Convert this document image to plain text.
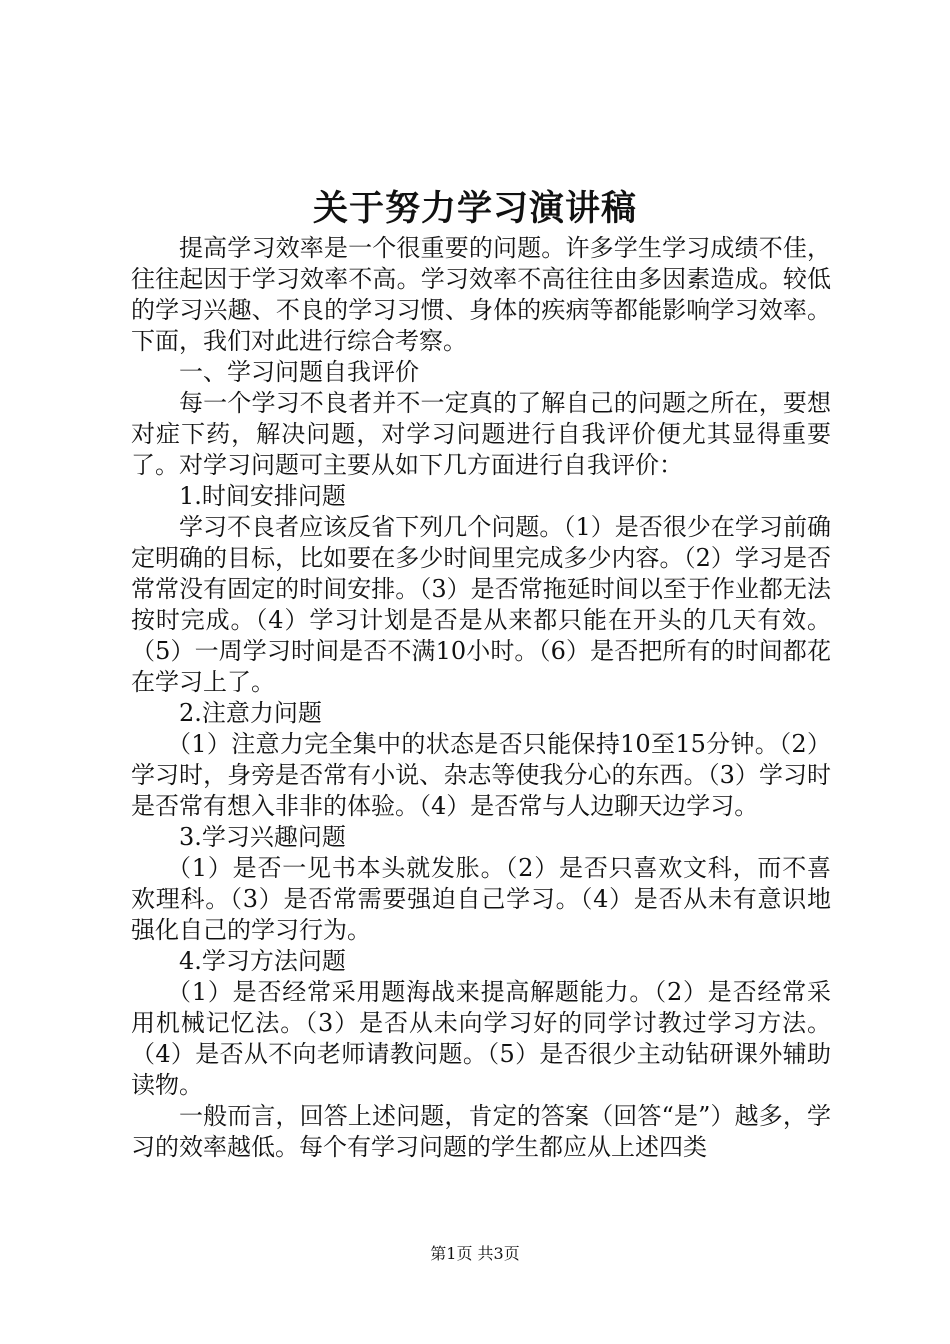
关于努力学习演讲稿

提高学习效率是一个很重要的问题。许多学生学习成绩不佳，往往起因于学习效率不高。学习效率不高往往由多因素造成。较低的学习兴趣、不良的学习习惯、身体的疾病等都能影响学习效率。下面，我们对此进行综合考察。

一、学习问题自我评价

每一个学习不良者并不一定真的了解自己的问题之所在，要想对症下药，解决问题，对学习问题进行自我评价便尤其显得重要了。对学习问题可主要从如下几方面进行自我评价：

1.时间安排问题

学习不良者应该反省下列几个问题。（1）是否很少在学习前确定明确的目标，比如要在多少时间里完成多少内容。（2）学习是否常常没有固定的时间安排。（3）是否常拖延时间以至于作业都无法按时完成。（4）学习计划是否是从来都只能在开头的几天有效。（5）一周学习时间是否不满10小时。（6）是否把所有的时间都花在学习上了。

2.注意力问题

（1）注意力完全集中的状态是否只能保持10至15分钟。（2）学习时，身旁是否常有小说、杂志等使我分心的东西。（3）学习时是否常有想入非非的体验。（4）是否常与人边聊天边学习。

3.学习兴趣问题

（1）是否一见书本头就发胀。（2）是否只喜欢文科，而不喜欢理科。（3）是否常需要强迫自己学习。（4）是否从未有意识地强化自己的学习行为。

4.学习方法问题

（1）是否经常采用题海战来提高解题能力。（2）是否经常采用机械记忆法。（3）是否从未向学习好的同学讨教过学习方法。（4）是否从不向老师请教问题。（5）是否很少主动钻研课外辅助读物。

一般而言，回答上述问题，肯定的答案（回答“是”）越多，学习的效率越低。每个有学习问题的学生都应从上述四类

第1页 共3页
